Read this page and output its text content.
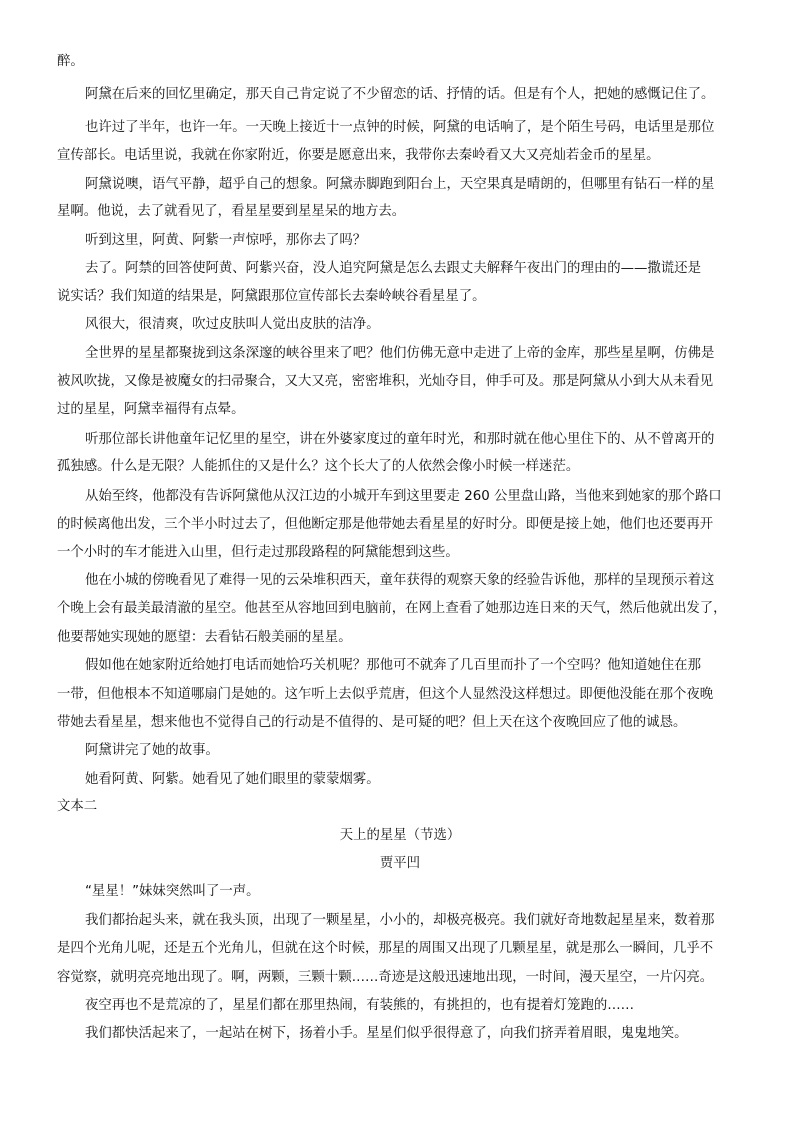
醉。
阿黛在后来的回忆里确定，那天自己肯定说了不少留恋的话、抒情的话。但是有个人，把她的感慨记住了。
也许过了半年，也许一年。一天晚上接近十一点钟的时候，阿黛的电话响了，是个陌生号码，电话里是那位
宣传部长。电话里说，我就在你家附近，你要是愿意出来，我带你去秦岭看又大又亮灿若金币的星星。
阿黛说噢，语气平静，超乎自己的想象。阿黛赤脚跑到阳台上，天空果真是晴朗的，但哪里有钻石一样的星
星啊。他说，去了就看见了，看星星要到星星呆的地方去。
听到这里，阿黄、阿紫一声惊呼，那你去了吗？
去了。阿禁的回答使阿黄、阿紫兴奋，没人追究阿黛是怎么去跟丈夫解释午夜出门的理由的——撒谎还是
说实话？我们知道的结果是，阿黛跟那位宣传部长去秦岭峡谷看星星了。
风很大，很清爽，吹过皮肤叫人觉出皮肤的洁净。
全世界的星星都聚拢到这条深邃的峡谷里来了吧？他们仿佛无意中走进了上帝的金库，那些星星啊，仿佛是
被风吹拢，又像是被魔女的扫帚聚合，又大又亮，密密堆积，光灿夺目，伸手可及。那是阿黛从小到大从未看见
过的星星，阿黛幸福得有点晕。
听那位部长讲他童年记忆里的星空，讲在外婆家度过的童年时光，和那时就在他心里住下的、从不曾离开的
孤独感。什么是无限？人能抓住的又是什么？这个长大了的人依然会像小时候一样迷茫。
从始至终，他都没有告诉阿黛他从汉江边的小城开车到这里要走 260 公里盘山路，当他来到她家的那个路口
的时候离他出发，三个半小时过去了，但他断定那是他带她去看星星的好时分。即便是接上她，他们也还要再开
一个小时的车才能进入山里，但行走过那段路程的阿黛能想到这些。
他在小城的傍晚看见了难得一见的云朵堆积西天，童年获得的观察天象的经验告诉他，那样的呈现预示着这
个晚上会有最美最清澈的星空。他甚至从容地回到电脑前，在网上查看了她那边连日来的天气，然后他就出发了，
他要帮她实现她的愿望：去看钻石般美丽的星星。
假如他在她家附近给她打电话而她恰巧关机呢？那他可不就奔了几百里而扑了一个空吗？他知道她住在那
一带，但他根本不知道哪扇门是她的。这乍听上去似乎荒唐，但这个人显然没这样想过。即便他没能在那个夜晚
带她去看星星，想来他也不觉得自己的行动是不值得的、是可疑的吧？但上天在这个夜晚回应了他的诚恳。
阿黛讲完了她的故事。
她看阿黄、阿紫。她看见了她们眼里的蒙蒙烟雾。
文本二
天上的星星（节选）
贾平凹
“星星！”妹妹突然叫了一声。
我们都抬起头来，就在我头顶，出现了一颗星星，小小的，却极亮极亮。我们就好奇地数起星星来，数着那
是四个光角儿呢，还是五个光角儿，但就在这个时候，那星的周围又出现了几颗星星，就是那么一瞬间，几乎不
容觉察，就明亮亮地出现了。啊，两颗，三颗十颗……奇迹是这般迅速地出现，一时间，漫天星空，一片闪亮。
夜空再也不是荒凉的了，星星们都在那里热闹，有装熊的，有挑担的，也有提着灯笼跑的……
我们都快活起来了，一起站在树下，扬着小手。星星们似乎很得意了，向我们挤弄着眉眼，鬼鬼地笑。
